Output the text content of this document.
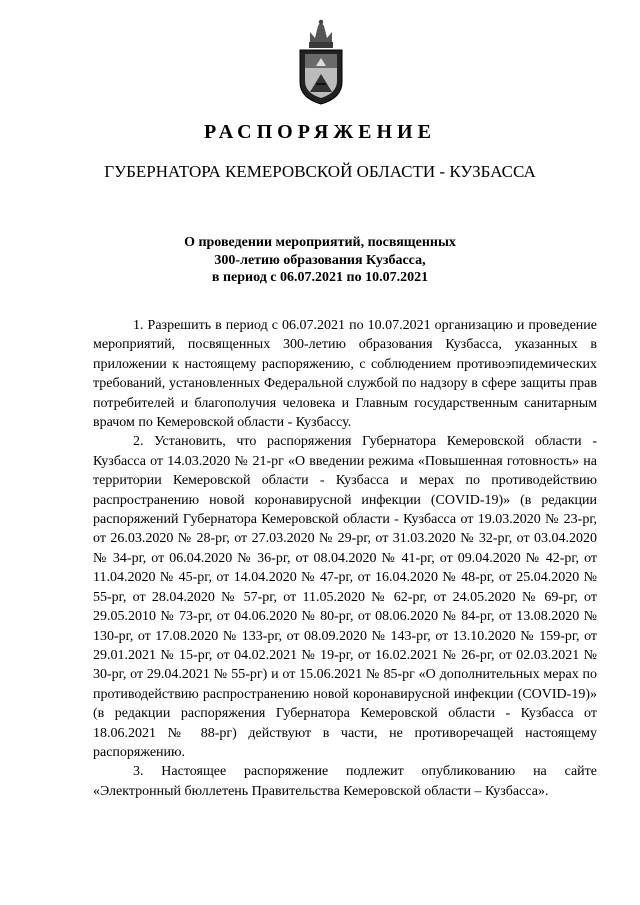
РАСПОРЯЖЕНИЕ
ГУБЕРНАТОРА КЕМЕРОВСКОЙ ОБЛАСТИ - КУЗБАССА
О проведении мероприятий, посвященных
300-летию образования Кузбасса,
в период с 06.07.2021 по 10.07.2021

1. Разрешить в период с 06.07.2021 по 10.07.2021 организацию и проведение мероприятий, посвященных 300-летию образования Кузбасса, указанных в приложении к настоящему распоряжению, с соблюдением противоэпидемических требований, установленных Федеральной службой по надзору в сфере защиты прав потребителей и благополучия человека и Главным государственным санитарным врачом по Кемеровской области - Кузбассу.

2. Установить, что распоряжения Губернатора Кемеровской области - Кузбасса от 14.03.2020 № 21-рг «О введении режима «Повышенная готовность» на территории Кемеровской области - Кузбасса и мерах по противодействию распространению новой коронавирусной инфекции (COVID-19)» (в редакции распоряжений Губернатора Кемеровской области - Кузбасса от 19.03.2020 № 23-рг, от 26.03.2020 № 28-рг, от 27.03.2020 № 29-рг, от 31.03.2020 № 32-рг, от 03.04.2020 № 34-рг, от 06.04.2020 № 36-рг, от 08.04.2020 № 41-рг, от 09.04.2020 № 42-рг, от 11.04.2020 № 45-рг, от 14.04.2020 № 47-рг, от 16.04.2020 № 48-рг, от 25.04.2020 № 55-рг, от 28.04.2020 № 57-рг, от 11.05.2020 № 62-рг, от 24.05.2020 № 69-рг, от 29.05.2010 № 73-рг, от 04.06.2020 № 80-рг, от 08.06.2020 № 84-рг, от 13.08.2020 № 130-рг, от 17.08.2020 № 133-рг, от 08.09.2020 № 143-рг, от 13.10.2020 № 159-рг, от 29.01.2021 № 15-рг, от 04.02.2021 № 19-рг, от 16.02.2021 № 26-рг, от 02.03.2021 № 30-рг, от 29.04.2021 № 55-рг) и от 15.06.2021 № 85-рг «О дополнительных мерах по противодействию распространению новой коронавирусной инфекции (COVID-19)» (в редакции распоряжения Губернатора Кемеровской области - Кузбасса от 18.06.2021 № 88-рг) действуют в части, не противоречащей настоящему распоряжению.

3. Настоящее распоряжение подлежит опубликованию на сайте «Электронный бюллетень Правительства Кемеровской области – Кузбасса».
